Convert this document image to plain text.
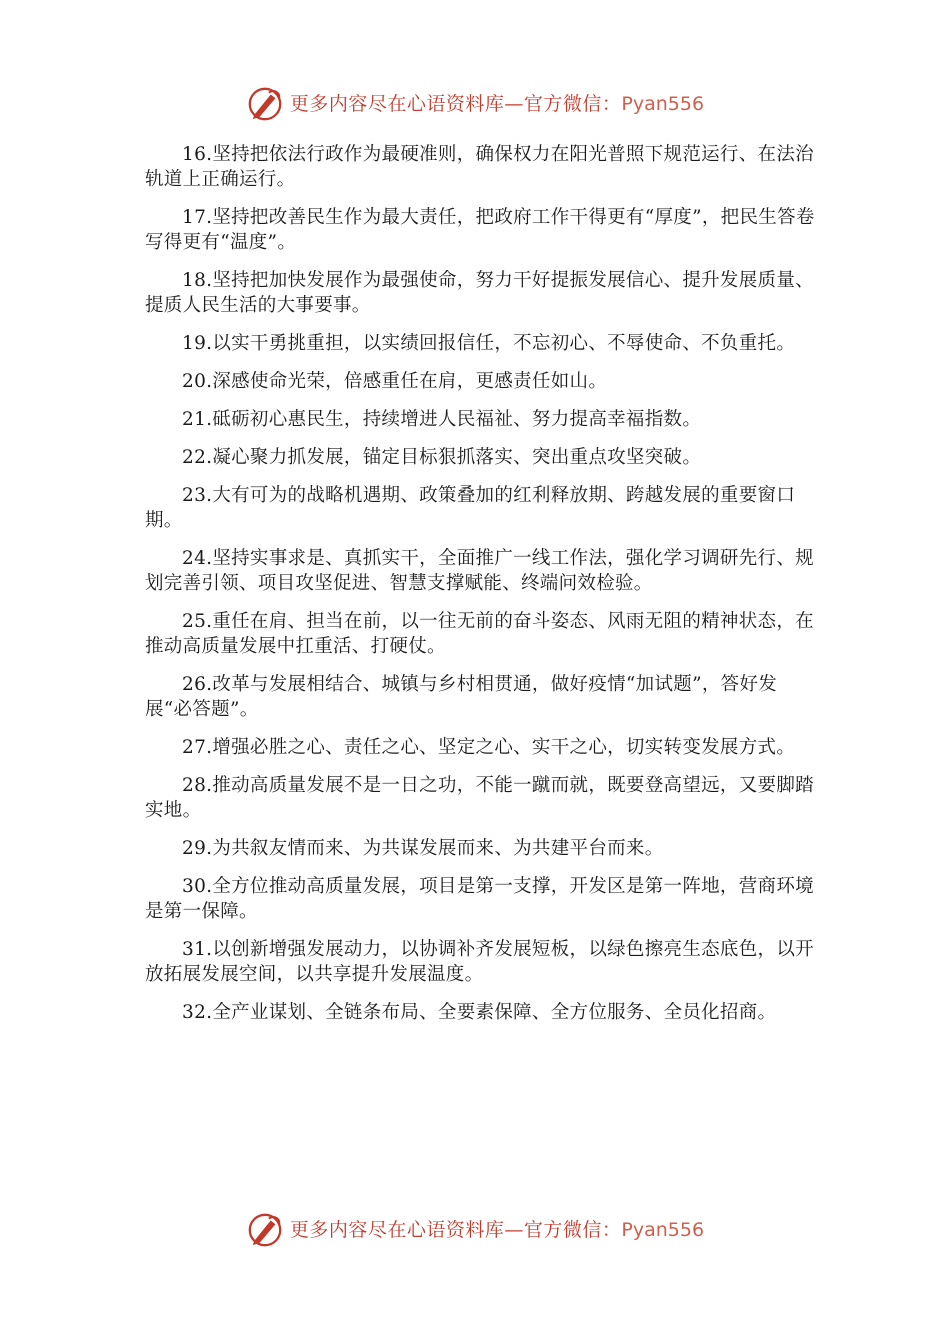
更多内容尽在心语资料库—官方微信：Pyan556

16.坚持把依法行政作为最硬准则，确保权力在阳光普照下规范运行、在法治轨道上正确运行。

17.坚持把改善民生作为最大责任，把政府工作干得更有“厚度”，把民生答卷写得更有“温度”。

18.坚持把加快发展作为最强使命，努力干好提振发展信心、提升发展质量、提质人民生活的大事要事。

19.以实干勇挑重担，以实绩回报信任，不忘初心、不辱使命、不负重托。

20.深感使命光荣，倍感重任在肩，更感责任如山。

21.砥砺初心惠民生，持续增进人民福祉、努力提高幸福指数。

22.凝心聚力抓发展，锚定目标狠抓落实、突出重点攻坚突破。

23.大有可为的战略机遇期、政策叠加的红利释放期、跨越发展的重要窗口期。

24.坚持实事求是、真抓实干，全面推广一线工作法，强化学习调研先行、规划完善引领、项目攻坚促进、智慧支撑赋能、终端问效检验。

25.重任在肩、担当在前，以一往无前的奋斗姿态、风雨无阻的精神状态，在推动高质量发展中扛重活、打硬仗。

26.改革与发展相结合、城镇与乡村相贯通，做好疫情“加试题”，答好发展“必答题”。

27.增强必胜之心、责任之心、坚定之心、实干之心，切实转变发展方式。

28.推动高质量发展不是一日之功，不能一蹴而就，既要登高望远，又要脚踏实地。

29.为共叙友情而来、为共谋发展而来、为共建平台而来。

30.全方位推动高质量发展，项目是第一支撑，开发区是第一阵地，营商环境是第一保障。

31.以创新增强发展动力，以协调补齐发展短板，以绿色擦亮生态底色，以开放拓展发展空间，以共享提升发展温度。

32.全产业谋划、全链条布局、全要素保障、全方位服务、全员化招商。

更多内容尽在心语资料库—官方微信：Pyan556
